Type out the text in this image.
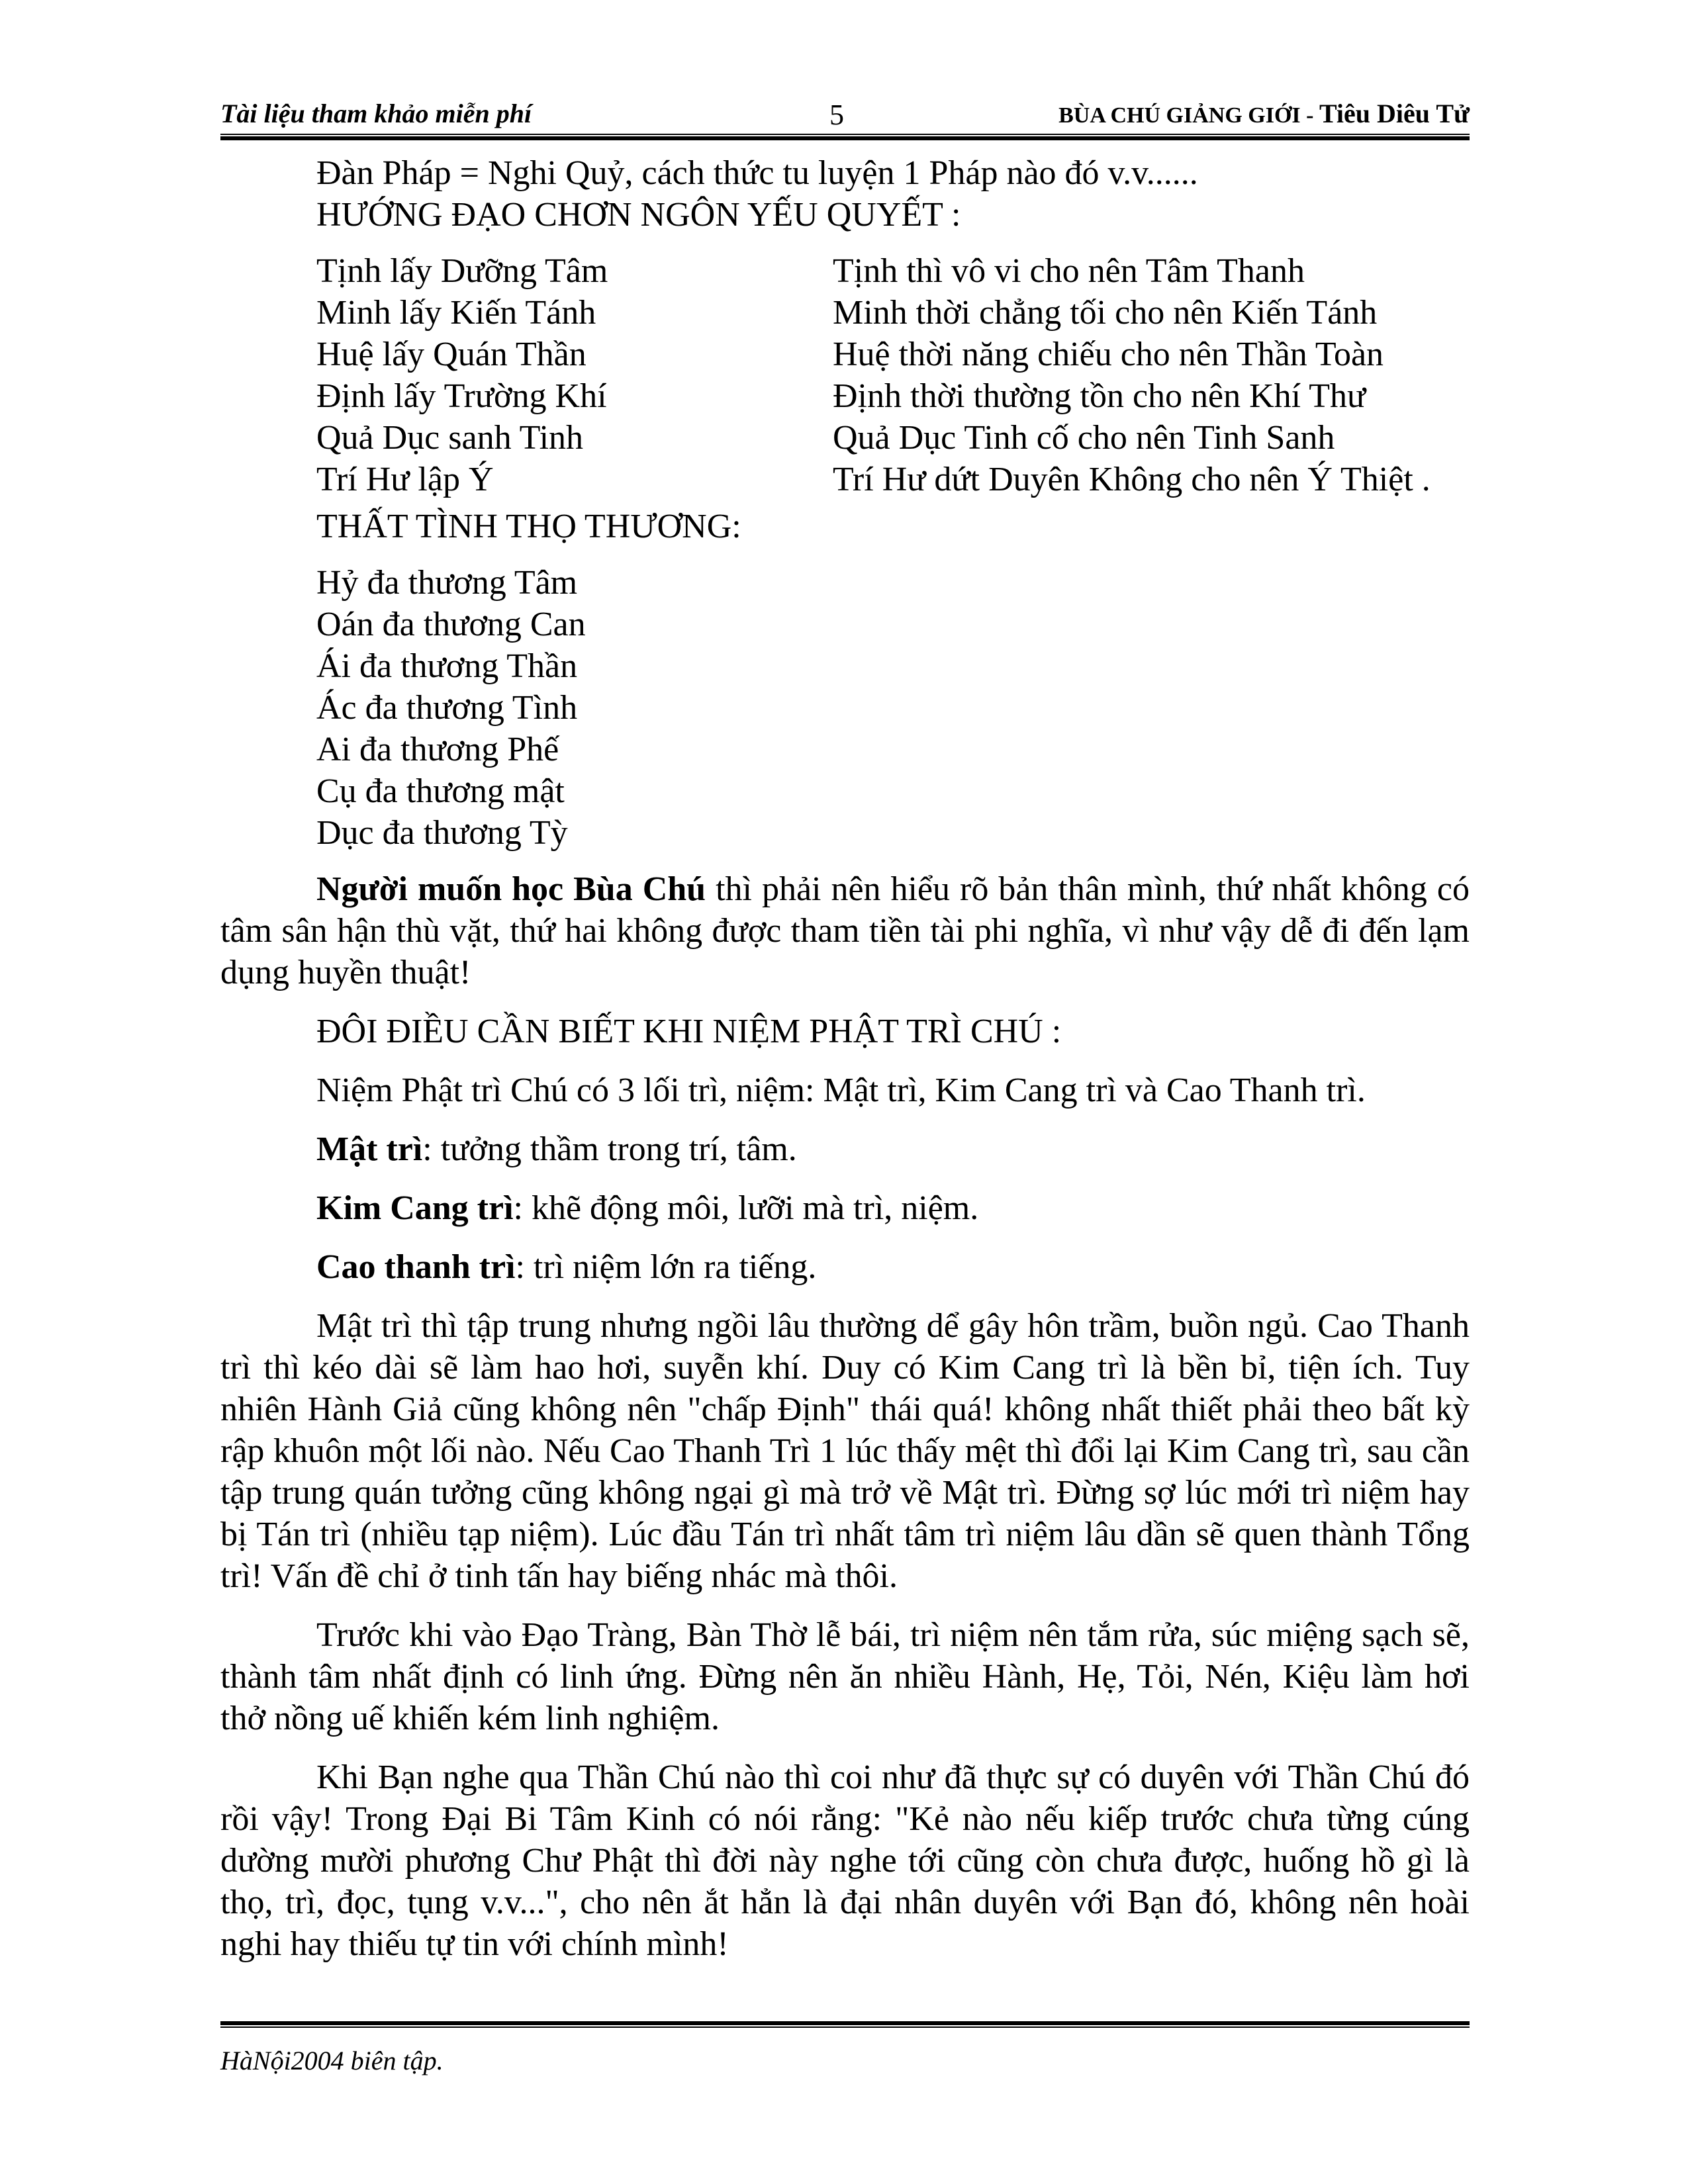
Tài liệu tham khảo miễn phí	5	BÙA CHÚ GIẢNG GIỚI - Tiêu Diêu Tử

Đàn Pháp = Nghi Quỷ, cách thức tu luyện 1 Pháp nào đó v.v......

HƯỚNG ĐẠO CHƠN NGÔN YẾU QUYẾT :

Tịnh lấy Dưỡng Tâm
Minh lấy Kiến Tánh
Huệ lấy Quán Thần
Định lấy Trường Khí
Quả Dục sanh Tinh
Trí Hư lập Ý
Tịnh thì vô vi cho nên Tâm Thanh
Minh thời chẳng tối cho nên Kiến Tánh
Huệ thời năng chiếu cho nên Thần Toàn
Định thời thường tồn cho nên Khí Thư
Quả Dục Tinh cố cho nên Tinh Sanh
Trí Hư dứt Duyên Không cho nên Ý Thiệt .

THẤT TÌNH THỌ THƯƠNG:

Hỷ đa thương Tâm
Oán đa thương Can
Ái đa thương Thần
Ác đa thương Tình
Ai đa thương Phế
Cụ đa thương mật
Dục đa thương Tỳ

Người muốn học Bùa Chú thì phải nên hiểu rõ bản thân mình, thứ nhất không có tâm sân hận thù vặt, thứ hai không được tham tiền tài phi nghĩa, vì như vậy dễ đi đến lạm dụng huyền thuật!

ĐÔI ĐIỀU CẦN BIẾT KHI NIỆM PHẬT TRÌ CHÚ :

Niệm Phật trì Chú có 3 lối trì, niệm: Mật trì, Kim Cang trì và Cao Thanh trì.

Mật trì: tưởng thầm trong trí, tâm.

Kim Cang trì: khẽ động môi, lưỡi mà trì, niệm.

Cao thanh trì: trì niệm lớn ra tiếng.

Mật trì thì tập trung nhưng ngồi lâu thường dể gây hôn trầm, buồn ngủ. Cao Thanh trì thì kéo dài sẽ làm hao hơi, suyễn khí. Duy có Kim Cang trì là bền bỉ, tiện ích. Tuy nhiên Hành Giả cũng không nên "chấp Định" thái quá! không nhất thiết phải theo bất kỳ rập khuôn một lối nào. Nếu Cao Thanh Trì 1 lúc thấy mệt thì đổi lại Kim Cang trì, sau cần tập trung quán tưởng cũng không ngại gì mà trở về Mật trì. Đừng sợ lúc mới trì niệm hay bị Tán trì (nhiều tạp niệm). Lúc đầu Tán trì nhất tâm trì niệm lâu dần sẽ quen thành Tổng trì! Vấn đề chỉ ở tinh tấn hay biếng nhác mà thôi.

Trước khi vào Đạo Tràng, Bàn Thờ lễ bái, trì niệm nên tắm rửa, súc miệng sạch sẽ, thành tâm nhất định có linh ứng. Đừng nên ăn nhiều Hành, Hẹ, Tỏi, Nén, Kiệu làm hơi thở nồng uế khiến kém linh nghiệm.

Khi Bạn nghe qua Thần Chú nào thì coi như đã thực sự có duyên với Thần Chú đó rồi vậy! Trong Đại Bi Tâm Kinh có nói rằng: "Kẻ nào nếu kiếp trước chưa từng cúng dường mười phương Chư Phật thì đời này nghe tới cũng còn chưa được, huống hồ gì là thọ, trì, đọc, tụng v.v...", cho nên ắt hẳn là đại nhân duyên với Bạn đó, không nên hoài nghi hay thiếu tự tin với chính mình!

HàNội2004 biên tập.
